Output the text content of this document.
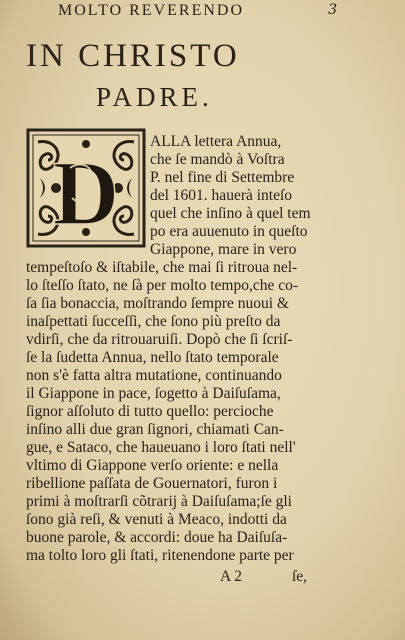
MOLTO REVERENDO	3
IN CHRISTO
PADRE.
D
ALLA lettera Annua,
che ſe mandò à Voſtra
P. nel fine di Settembre
del 1601. hauerà inteſo
quel che inſino à quel tem
po era auuenuto in queſto
Giappone, mare in vero
tempeſtoſo & iſtabile, che mai ſi ritroua nel-
lo ſteſſo ſtato, ne ſà per molto tempo,che co-
ſa ſia bonaccia, moſtrando ſempre nuoui &
inaſpettati ſucceſſi, che ſono più preſto da
vdirſi, che da ritrouaruiſi. Dopò che ſi ſcriſ-
ſe la ſudetta Annua, nello ſtato temporale
non s'è fatta altra mutatione, continuando
il Giappone in pace, ſogetto à Daiſuſama,
ſignor aſſoluto di tutto quello: percioche
inſino alli due gran ſignori, chiamati Can-
gue, e Sataco, che haueuano i loro ſtati nell'
vltimo di Giappone verſo oriente: e nella
ribellione paſſata de Gouernatori, furon i
primi à moſtrarſi cõtrarij à Daiſuſama;ſe gli
ſono già reſi, & venuti à Meaco, indotti da
buone parole, & accordi: doue ha Daiſuſa-
ma tolto loro gli ſtati, ritenendone parte per
A 2	ſe,
